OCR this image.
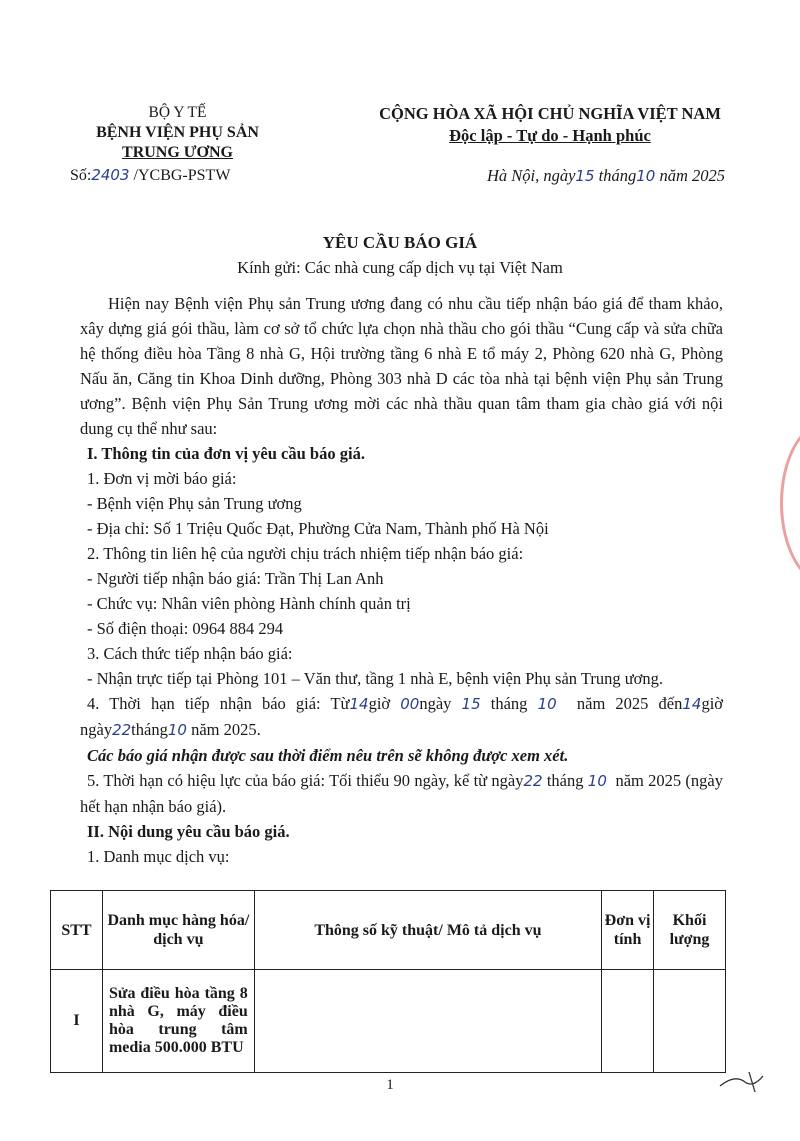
BỘ Y TẾ
BỆNH VIỆN PHỤ SẢN
TRUNG ƯƠNG
Số:2403 /YCBG-PSTW
CỘNG HÒA XÃ HỘI CHỦ NGHĨA VIỆT NAM
Độc lập - Tự do - Hạnh phúc
Hà Nội, ngày15 tháng10 năm 2025
YÊU CẦU BÁO GIÁ
Kính gửi: Các nhà cung cấp dịch vụ tại Việt Nam

Hiện nay Bệnh viện Phụ sản Trung ương đang có nhu cầu tiếp nhận báo giá để tham khảo, xây dựng giá gói thầu, làm cơ sở tổ chức lựa chọn nhà thầu cho gói thầu “Cung cấp và sửa chữa hệ thống điều hòa Tầng 8 nhà G, Hội trường tầng 6 nhà E tổ máy 2, Phòng 620 nhà G, Phòng Nấu ăn, Căng tin Khoa Dinh dưỡng, Phòng 303 nhà D các tòa nhà tại bệnh viện Phụ sản Trung ương”. Bệnh viện Phụ Sản Trung ương mời các nhà thầu quan tâm tham gia chào giá với nội dung cụ thể như sau:

I. Thông tin của đơn vị yêu cầu báo giá.

1. Đơn vị mời báo giá:

- Bệnh viện Phụ sản Trung ương

- Địa chỉ: Số 1 Triệu Quốc Đạt, Phường Cửa Nam, Thành phố Hà Nội

2. Thông tin liên hệ của người chịu trách nhiệm tiếp nhận báo giá:

- Người tiếp nhận báo giá: Trần Thị Lan Anh

- Chức vụ: Nhân viên phòng Hành chính quản trị

- Số điện thoại: 0964 884 294

3. Cách thức tiếp nhận báo giá:

- Nhận trực tiếp tại Phòng 101 – Văn thư, tầng 1 nhà E, bệnh viện Phụ sản Trung ương.

4. Thời hạn tiếp nhận báo giá: Từ14giờ 00ngày 15 tháng 10 năm 2025 đến14giờ ngày22tháng10 năm 2025.

Các báo giá nhận được sau thời điểm nêu trên sẽ không được xem xét.

5. Thời hạn có hiệu lực của báo giá: Tối thiểu 90 ngày, kể từ ngày22 tháng 10 năm 2025 (ngày hết hạn nhận báo giá).

II. Nội dung yêu cầu báo giá.

1. Danh mục dịch vụ:

STT	Danh mục hàng hóa/ dịch vụ	Thông số kỹ thuật/ Mô tả dịch vụ	Đơn vị tính	Khối lượng
I	Sửa điều hòa tầng 8 nhà G, máy điều hòa trung tâm media 500.000 BTU			
1
